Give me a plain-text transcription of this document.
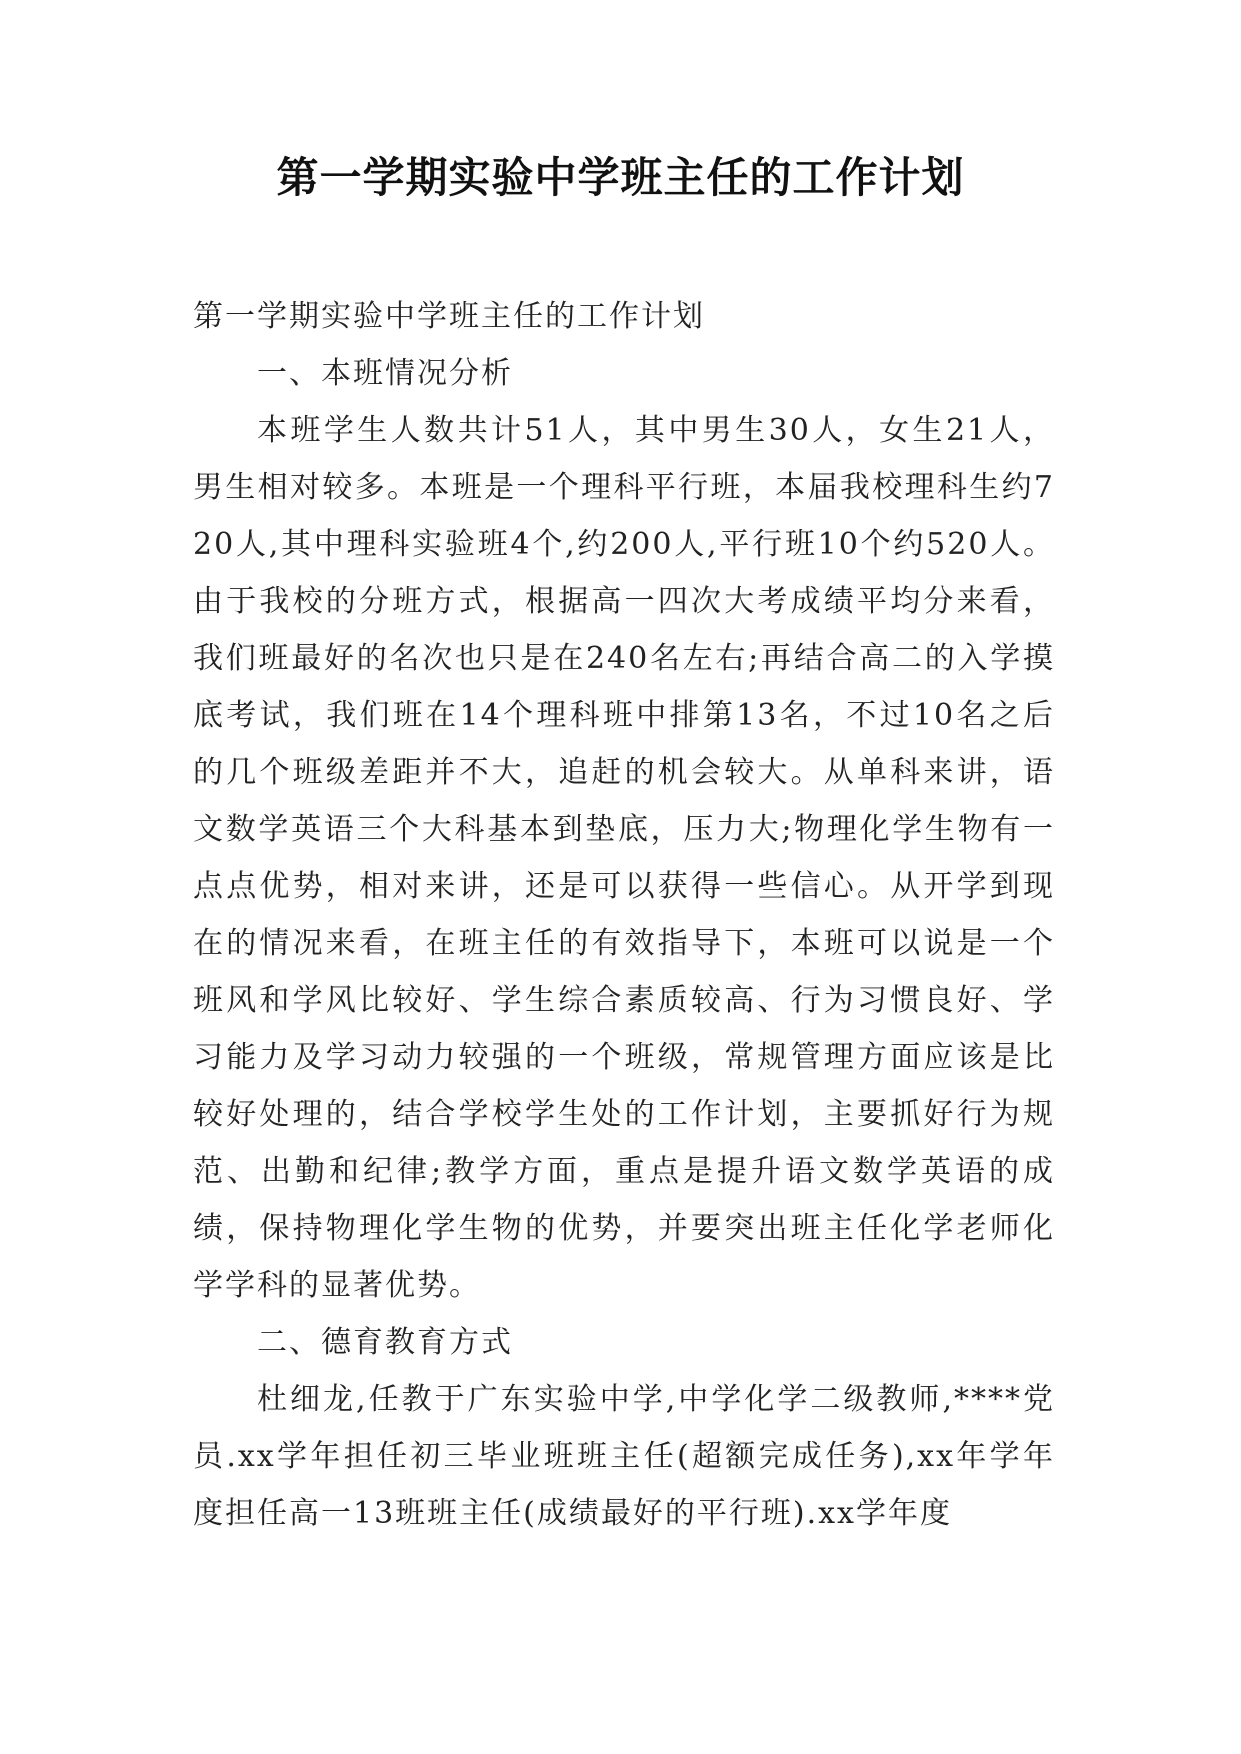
第一学期实验中学班主任的工作计划

第一学期实验中学班主任的工作计划

一、本班情况分析

本班学生人数共计51人，其中男生30人，女生21人，男生相对较多。本班是一个理科平行班，本届我校理科生约720人,其中理科实验班4个,约200人,平行班10个约520人。由于我校的分班方式，根据高一四次大考成绩平均分来看，我们班最好的名次也只是在240名左右;再结合高二的入学摸底考试，我们班在14个理科班中排第13名，不过10名之后的几个班级差距并不大，追赶的机会较大。从单科来讲，语文数学英语三个大科基本到垫底，压力大;物理化学生物有一点点优势，相对来讲，还是可以获得一些信心。从开学到现在的情况来看，在班主任的有效指导下，本班可以说是一个班风和学风比较好、学生综合素质较高、行为习惯良好、学习能力及学习动力较强的一个班级，常规管理方面应该是比较好处理的，结合学校学生处的工作计划，主要抓好行为规范、出勤和纪律;教学方面，重点是提升语文数学英语的成绩，保持物理化学生物的优势，并要突出班主任化学老师化学学科的显著优势。

二、德育教育方式

杜细龙,任教于广东实验中学,中学化学二级教师,****党员.xx学年担任初三毕业班班主任(超额完成任务),xx年学年度担任高一13班班主任(成绩最好的平行班).xx学年度
